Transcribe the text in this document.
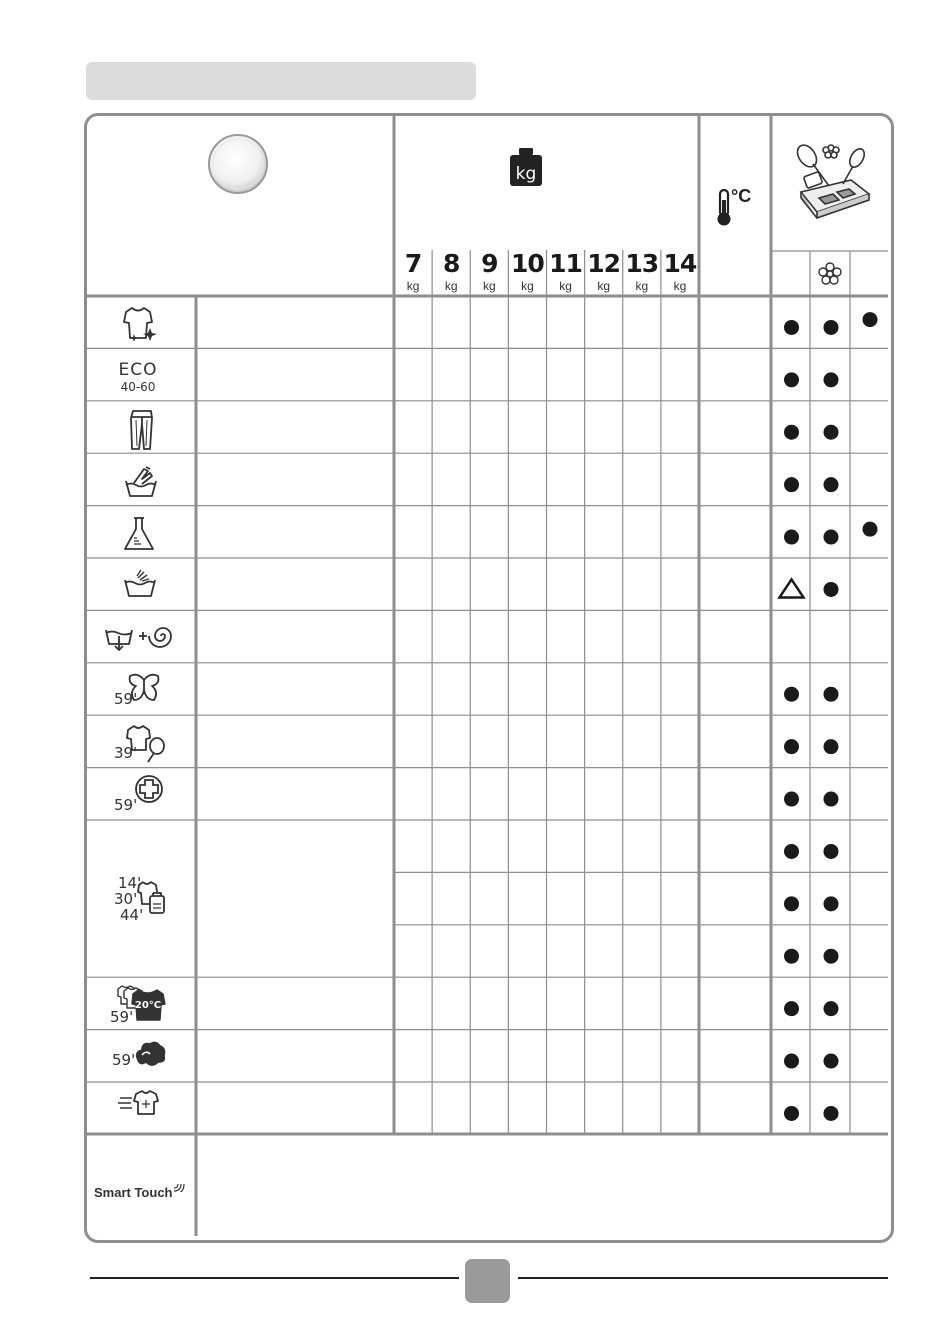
kg
7
kg
8
kg
9
kg
10
kg
11
kg
12
kg
13
kg
14
kg
°C
ECO
40-60
20°C
59'
39'
59'
14'
30'
44'
59'
59'
Smart Touch
